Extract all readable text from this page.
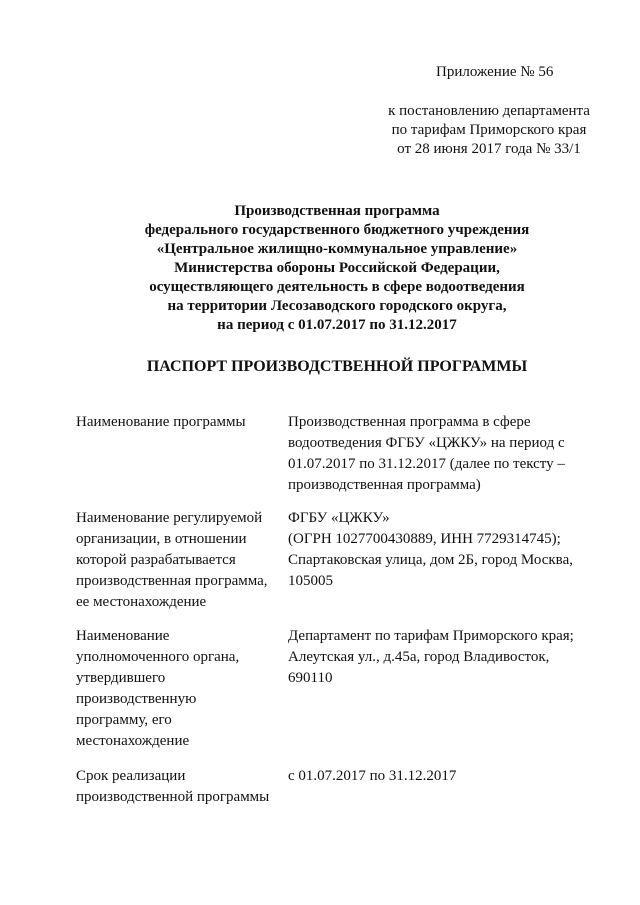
Приложение № 56
к постановлению департамента
по тарифам Приморского края
от 28 июня 2017 года № 33/1
Производственная программа
федерального государственного бюджетного учреждения
«Центральное жилищно-коммунальное управление»
Министерства обороны Российской Федерации,
осуществляющего деятельность в сфере водоотведения
на территории Лесозаводского городского округа,
на период с 01.07.2017 по 31.12.2017
ПАСПОРТ ПРОИЗВОДСТВЕННОЙ ПРОГРАММЫ
Наименование программы	Производственная программа в сфере
водоотведения ФГБУ «ЦЖКУ» на период с
01.07.2017 по 31.12.2017 (далее по тексту –
производственная программа)
Наименование регулируемой
организации, в отношении
которой разрабатывается
производственная программа,
ее местонахождение
ФГБУ «ЦЖКУ»
(ОГРН 1027700430889, ИНН 7729314745);
Спартаковская улица, дом 2Б, город Москва,
105005
Наименование
уполномоченного органа,
утвердившего
производственную
программу, его
местонахождение
Департамент по тарифам Приморского края;
Алеутская ул., д.45а, город Владивосток,
690110
Срок реализации
производственной программы
с 01.07.2017 по 31.12.2017
